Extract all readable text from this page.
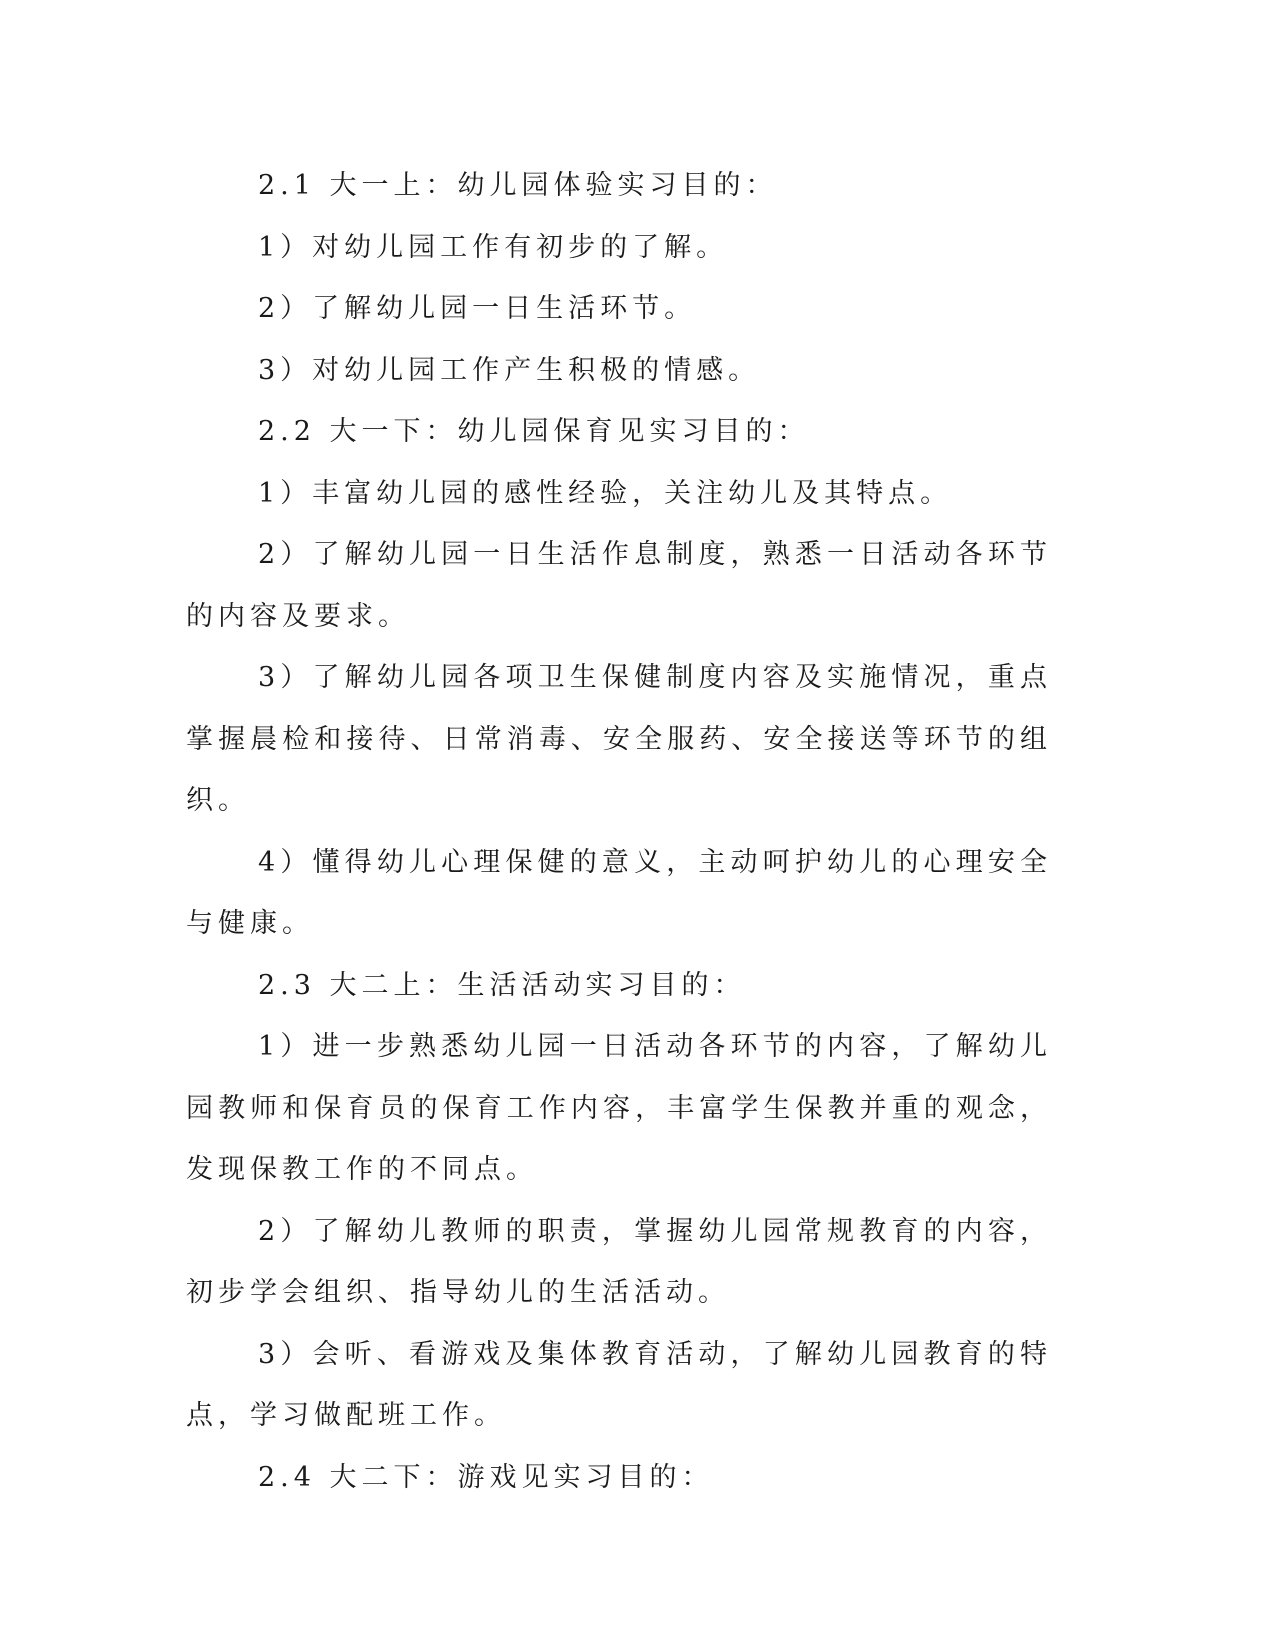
2.1 大一上：幼儿园体验实习目的：

1）对幼儿园工作有初步的了解。

2）了解幼儿园一日生活环节。

3）对幼儿园工作产生积极的情感。

2.2 大一下：幼儿园保育见实习目的：

1）丰富幼儿园的感性经验，关注幼儿及其特点。

2）了解幼儿园一日生活作息制度，熟悉一日活动各环节的内容及要求。

3）了解幼儿园各项卫生保健制度内容及实施情况，重点掌握晨检和接待、日常消毒、安全服药、安全接送等环节的组织。

4）懂得幼儿心理保健的意义，主动呵护幼儿的心理安全与健康。

2.3 大二上：生活活动实习目的：

1）进一步熟悉幼儿园一日活动各环节的内容，了解幼儿园教师和保育员的保育工作内容，丰富学生保教并重的观念，发现保教工作的不同点。

2）了解幼儿教师的职责，掌握幼儿园常规教育的内容，初步学会组织、指导幼儿的生活活动。

3）会听、看游戏及集体教育活动，了解幼儿园教育的特点，学习做配班工作。

2.4 大二下：游戏见实习目的：
